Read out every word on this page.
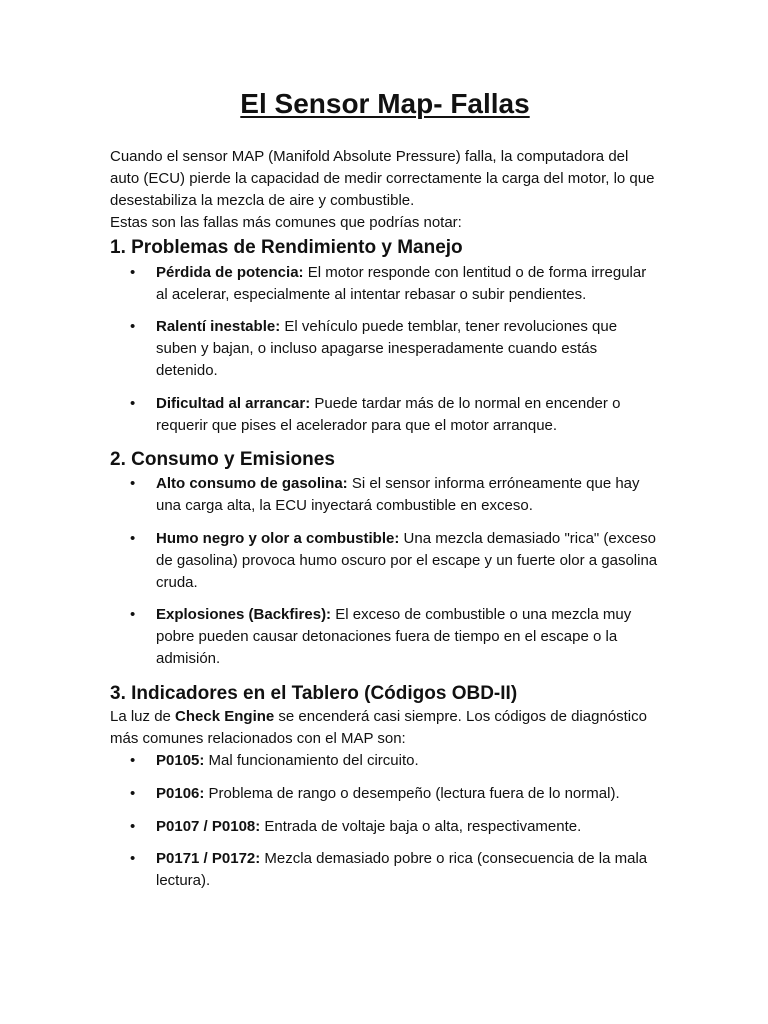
El Sensor Map- Fallas

Cuando el sensor MAP (Manifold Absolute Pressure) falla, la computadora del auto (ECU) pierde la capacidad de medir correctamente la carga del motor, lo que desestabiliza la mezcla de aire y combustible.

Estas son las fallas más comunes que podrías notar:

1. Problemas de Rendimiento y Manejo
• Pérdida de potencia: El motor responde con lentitud o de forma irregular al acelerar, especialmente al intentar rebasar o subir pendientes.
• Ralentí inestable: El vehículo puede temblar, tener revoluciones que suben y bajan, o incluso apagarse inesperadamente cuando estás detenido.
• Dificultad al arrancar: Puede tardar más de lo normal en encender o requerir que pises el acelerador para que el motor arranque.
2. Consumo y Emisiones
• Alto consumo de gasolina: Si el sensor informa erróneamente que hay una carga alta, la ECU inyectará combustible en exceso.
• Humo negro y olor a combustible: Una mezcla demasiado "rica" (exceso de gasolina) provoca humo oscuro por el escape y un fuerte olor a gasolina cruda.
• Explosiones (Backfires): El exceso de combustible o una mezcla muy pobre pueden causar detonaciones fuera de tiempo en el escape o la admisión.
3. Indicadores en el Tablero (Códigos OBD-II)

La luz de Check Engine se encenderá casi siempre. Los códigos de diagnóstico más comunes relacionados con el MAP son:

• P0105: Mal funcionamiento del circuito.
• P0106: Problema de rango o desempeño (lectura fuera de lo normal).
• P0107 / P0108: Entrada de voltaje baja o alta, respectivamente.
• P0171 / P0172: Mezcla demasiado pobre o rica (consecuencia de la mala lectura).
